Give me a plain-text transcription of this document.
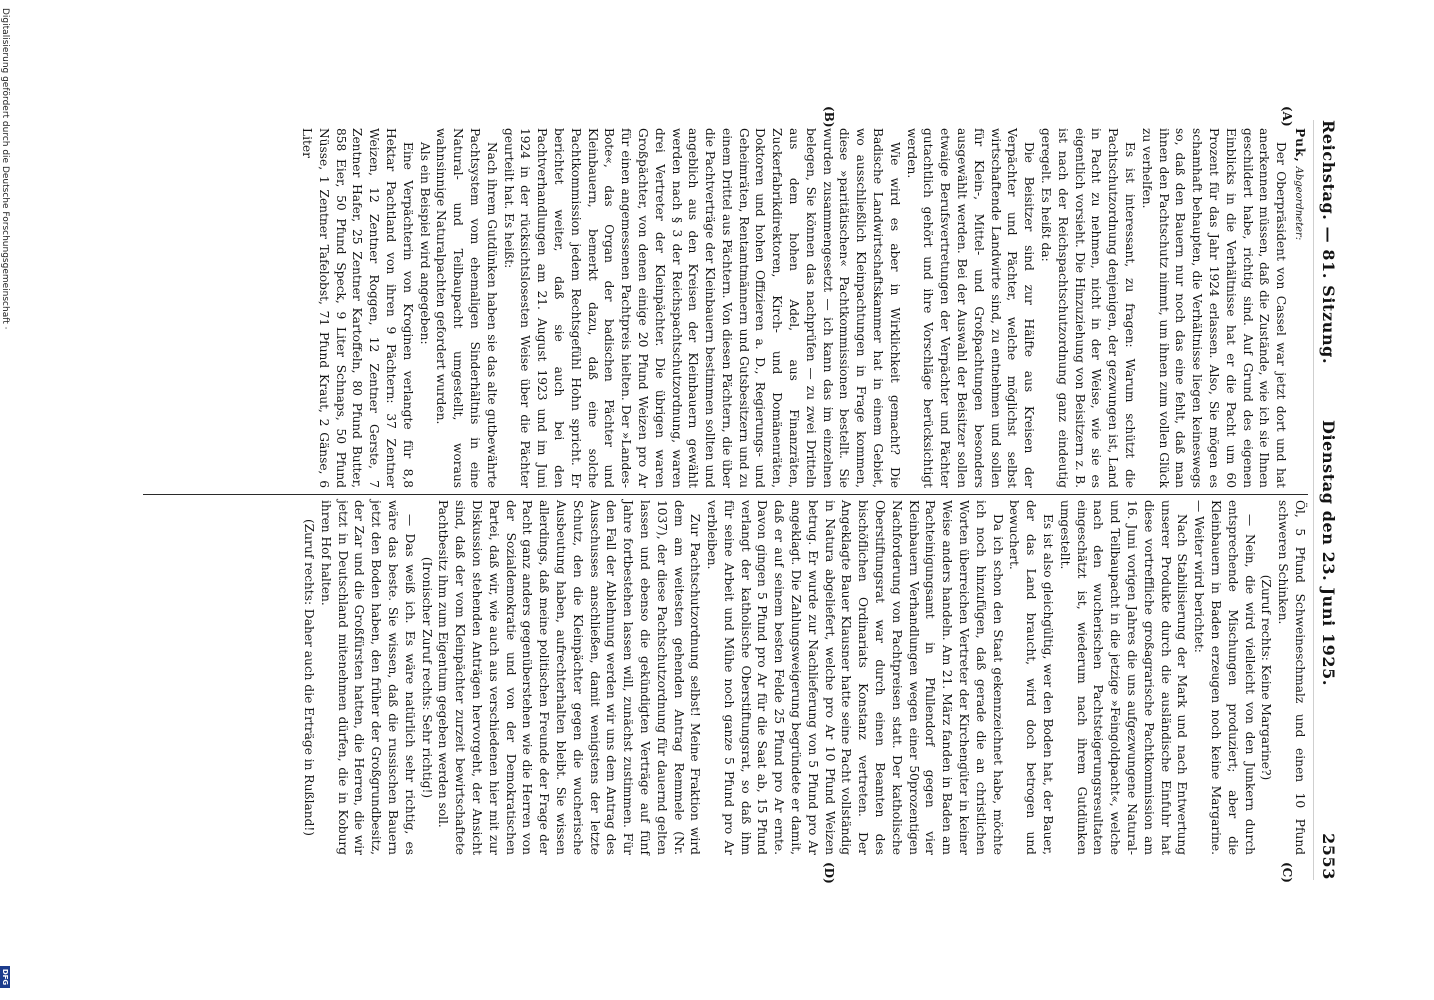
Reichstag. — 81. Sitzung.
Dienstag den 23. Juni 1925.
2553
(A)
(B)
(C)
(D)

Puk, Abgeordneter:

Der Oberpräsident von Cassel war jetzt dort und hat anerkennen müssen, daß die Zustände, wie ich sie Ihnen geschildert habe, richtig sind. Auf Grund des eigenen Einblicks in die Verhältnisse hat er die Pacht um 60 Prozent für das Jahr 1924 erlassen. Also, Sie mögen es schamhaft behaupten, die Verhältnisse liegen keineswegs so, daß den Bauern nur noch das eine fehlt, daß man ihnen den Pachtschutz nimmt, um ihnen zum vollen Glück zu verhelfen.

Es ist interessant, zu fragen: Warum schützt die Pachtschutzordnung denjenigen, der gezwungen ist, Land in Pacht zu nehmen, nicht in der Weise, wie sie es eigentlich vorsieht. Die Hinzuziehung von Beisitzern z. B. ist nach der Reichspachtschutzordnung ganz eindeutig geregelt. Es heißt da:

Die Beisitzer sind zur Hälfte aus Kreisen der Verpächter und Pächter, welche möglichst selbst wirtschaftende Landwirte sind, zu entnehmen und sollen für Klein-, Mittel- und Großpachtungen besonders ausgewählt werden. Bei der Auswahl der Beisitzer sollen etwaige Berufsvertretungen der Verpächter und Pächter gutachtlich gehört und ihre Vorschläge berücksichtigt werden.

Wie wird es aber in Wirklichkeit gemacht? Die Badische Landwirtschaftskammer hat in einem Gebiet, wo ausschließlich Kleinpachtungen in Frage kommen, diese »paritätischen« Pachtkommissionen bestellt. Sie wurden zusammengesetzt — ich kann das im einzelnen belegen, Sie können das nachprüfen — zu zwei Dritteln aus dem hohen Adel, aus Finanzräten, Zuckerfabrikdirektoren, Kirch- und Domänenräten, Doktoren und hohen Offizieren a. D., Regierungs- und Geheimräten, Rentamtmännern und Gutsbesitzern und zu einem Drittel aus Pächtern. Von diesen Pächtern, die über die Pachtverträge der Kleinbauern bestimmen sollten und angeblich aus den Kreisen der Kleinbauern gewählt werden nach § 3 der Reichspachtschutzordnung, waren drei Vertreter der Kleinpächter. Die übrigen waren Großpächter, von denen einige 20 Pfund Weizen pro Ar für einen angemessenen Pachtpreis hielten. Der »Landes-Bote«, das Organ der badischen Pächter und Kleinbauern, bemerkt dazu, daß eine solche Pachtkommission jedem Rechtsgefühl Hohn spricht. Er berichtet weiter, daß sie auch bei den Pachtverhandlungen am 21. August 1923 und im Juni 1924 in der rücksichtslosesten Weise über die Pächter geurteilt hat. Es heißt:

Nach ihrem Gutdünken haben sie das alte gutbewährte Pachtsystem vom ehemaligen Sinderhältnis in eine Natural- und Teilbaupacht umgestellt, woraus wahnsinnige Naturalpachten gefordert wurden.

Als ein Beispiel wird angegeben:

Eine Verpächterin von Kroginen verlangte für 8,8 Hektar Pachtland von ihren 9 Pächtern: 37 Zentner Weizen, 12 Zentner Roggen, 12 Zentner Gerste, 7 Zentner Hafer, 25 Zentner Kartoffeln, 80 Pfund Butter, 858 Eier, 50 Pfund Speck, 9 Liter Schnaps, 50 Pfund Nüsse, 1 Zentner Tafelobst, 71 Pfund Kraut, 2 Gänse, 6 Liter

Öl, 5 Pfund Schweineschmalz und einen 10 Pfund schweren Schinken.

(Zuruf rechts: Keine Margarine?)

— Nein, die wird vielleicht von den Junkern durch entsprechende Mischungen produziert; aber die Kleinbauern in Baden erzeugen noch keine Margarine. — Weiter wird berichtet:

Nach Stabilisierung der Mark und nach Entwertung unserer Produkte durch die ausländische Einfuhr hat diese vortreffliche großagrarische Pachtkommission am 16. Juni vorigen Jahres die uns aufgezwungene Natural- und Teilbaupacht in die jetzige »Feingoldpacht«, welche nach den wucherischen Pachtsteigerungsresultaten eingeschätzt ist, wiederum nach ihrem Gutdünken umgestellt.

Es ist also gleichgültig, wer den Boden hat, der Bauer, der das Land braucht, wird doch betrogen und bewuchert.

Da ich schon den Staat gekennzeichnet habe, möchte ich noch hinzufügen, daß gerade die an christlichen Worten überreichen Vertreter der Kirchengüter in keiner Weise anders handeln. Am 21. März fanden in Baden am Pachteinigungsamt in Pfullendorf gegen vier Kleinbauern Verhandlungen wegen einer 50prozentigen Nachforderung von Pachtpreisen statt. Der katholische Oberstiftungsrat war durch einen Beamten des bischöflichen Ordinariats Konstanz vertreten. Der Angeklagte Bauer Klausner hatte seine Pacht vollständig in Natura abgeliefert, welche pro Ar 10 Pfund Weizen betrug. Er wurde zur Nachlieferung von 5 Pfund pro Ar angeklagt. Die Zahlungsweigerung begründete er damit, daß er auf seinem besten Felde 25 Pfund pro Ar ernte. Davon gingen 5 Pfund pro Ar für die Saat ab, 15 Pfund verlangt der katholische Oberstiftungsrat, so daß ihm für seine Arbeit und Mühe noch ganze 5 Pfund pro Ar verbleiben.

Zur Pachtschutzordnung selbst! Meine Fraktion wird dem am weitesten gehenden Antrag Remmele (Nr. 1037), der diese Pachtschutzordnung für dauernd gelten lassen und ebenso die gekündigten Verträge auf fünf Jahre fortbestehen lassen will, zunächst zustimmen. Für den Fall der Ablehnung werden wir uns dem Antrag des Ausschusses anschließen, damit wenigstens der letzte Schutz, den die Kleinpächter gegen die wucherische Ausbeutung haben, aufrechterhalten bleibt. Sie wissen allerdings, daß meine politischen Freunde der Frage der Pacht ganz anders gegenüberstehen wie die Herren von der Sozialdemokratie und von der Demokratischen Partei, daß wir, wie auch aus verschiedenen hier mit zur Diskussion stehenden Anträgen hervorgeht, der Ansicht sind, daß der vom Kleinpächter zurzeit bewirtschaftete Pachtbesitz ihm zum Eigentum gegeben werden soll.

(Ironischer Zuruf rechts: Sehr richtig!)

— Das weiß ich. Es wäre natürlich sehr richtig, es wäre das beste. Sie wissen, daß die russischen Bauern jetzt den Boden haben, den früher der Großgrundbesitz, der Zar und die Großfürsten hatten, die Herren, die wir jetzt in Deutschland mitenehmen dürfen, die in Koburg ihren Hof halten.

(Zuruf rechts: Daher auch die Erträge in Rußland!)

Digitalisierung gefördert durch die Deutsche Forschungsgemeinschaft ·
DFG
